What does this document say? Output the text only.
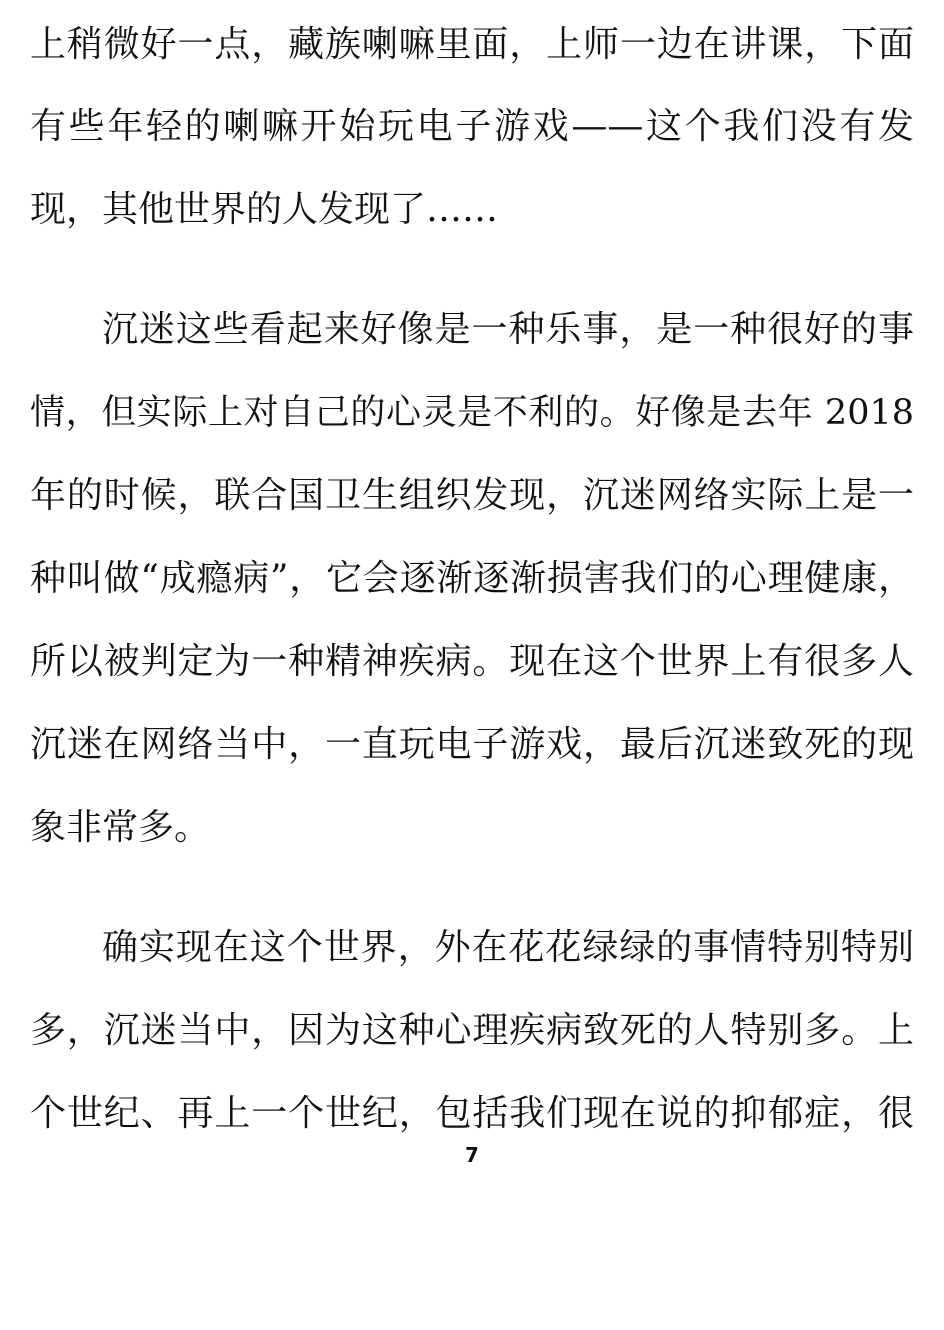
上稍微好一点，藏族喇嘛里面，上师一边在讲课，下面
有些年轻的喇嘛开始玩电子游戏——这个我们没有发
现，其他世界的人发现了……
沉迷这些看起来好像是一种乐事，是一种很好的事
情，但实际上对自己的心灵是不利的。好像是去年 2018
年的时候，联合国卫生组织发现，沉迷网络实际上是一
种叫做“成瘾病”，它会逐渐逐渐损害我们的心理健康，
所以被判定为一种精神疾病。现在这个世界上有很多人
沉迷在网络当中，一直玩电子游戏，最后沉迷致死的现
象非常多。
确实现在这个世界，外在花花绿绿的事情特别特别
多，沉迷当中，因为这种心理疾病致死的人特别多。上
个世纪、再上一个世纪，包括我们现在说的抑郁症，很
7
